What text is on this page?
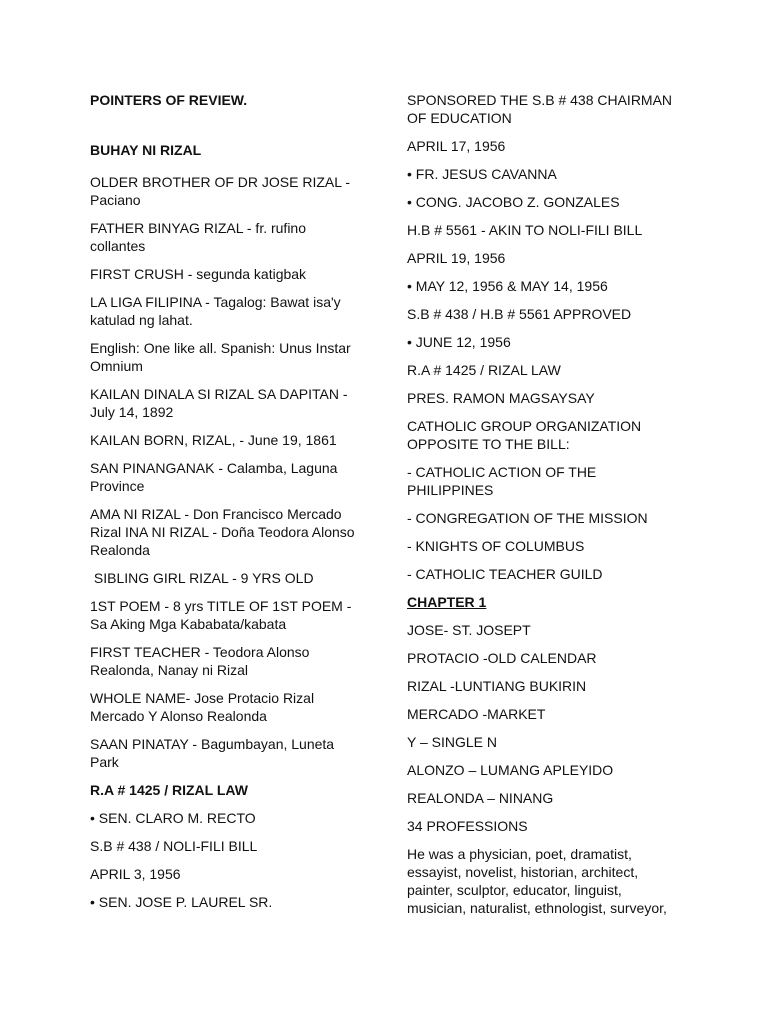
POINTERS OF REVIEW.

BUHAY NI RIZAL

OLDER BROTHER OF DR JOSE RIZAL - Paciano

FATHER BINYAG RIZAL - fr. rufino collantes

FIRST CRUSH - segunda katigbak

LA LIGA FILIPINA - Tagalog: Bawat isa'y katulad ng lahat.

English: One like all. Spanish: Unus Instar Omnium

KAILAN DINALA SI RIZAL SA DAPITAN - July 14, 1892

KAILAN BORN, RIZAL, - June 19, 1861

SAN PINANGANAK - Calamba, Laguna Province

AMA NI RIZAL - Don Francisco Mercado Rizal INA NI RIZAL - Doña Teodora Alonso Realonda

SIBLING GIRL RIZAL - 9 YRS OLD

1ST POEM - 8 yrs TITLE OF 1ST POEM - Sa Aking Mga Kababata/kabata

FIRST TEACHER - Teodora Alonso Realonda, Nanay ni Rizal

WHOLE NAME- Jose Protacio Rizal Mercado Y Alonso Realonda

SAAN PINATAY - Bagumbayan, Luneta Park

R.A # 1425 / RIZAL LAW

• SEN. CLARO M. RECTO

S.B # 438 / NOLI-FILI BILL

APRIL 3, 1956

• SEN. JOSE P. LAUREL SR.

SPONSORED THE S.B # 438 CHAIRMAN OF EDUCATION

APRIL 17, 1956

• FR. JESUS CAVANNA

• CONG. JACOBO Z. GONZALES

H.B # 5561 - AKIN TO NOLI-FILI BILL

APRIL 19, 1956

• MAY 12, 1956 & MAY 14, 1956

S.B # 438 / H.B # 5561 APPROVED

• JUNE 12, 1956

R.A # 1425 / RIZAL LAW

PRES. RAMON MAGSAYSAY

CATHOLIC GROUP ORGANIZATION OPPOSITE TO THE BILL:

- CATHOLIC ACTION OF THE PHILIPPINES

- CONGREGATION OF THE MISSION

- KNIGHTS OF COLUMBUS

- CATHOLIC TEACHER GUILD

CHAPTER 1

JOSE- ST. JOSEPT

PROTACIO -OLD CALENDAR

RIZAL -LUNTIANG BUKIRIN

MERCADO -MARKET

Y – SINGLE N

ALONZO – LUMANG APLEYIDO

REALONDA – NINANG

34 PROFESSIONS

He was a physician, poet, dramatist, essayist, novelist, historian, architect, painter, sculptor, educator, linguist, musician, naturalist, ethnologist, surveyor,
